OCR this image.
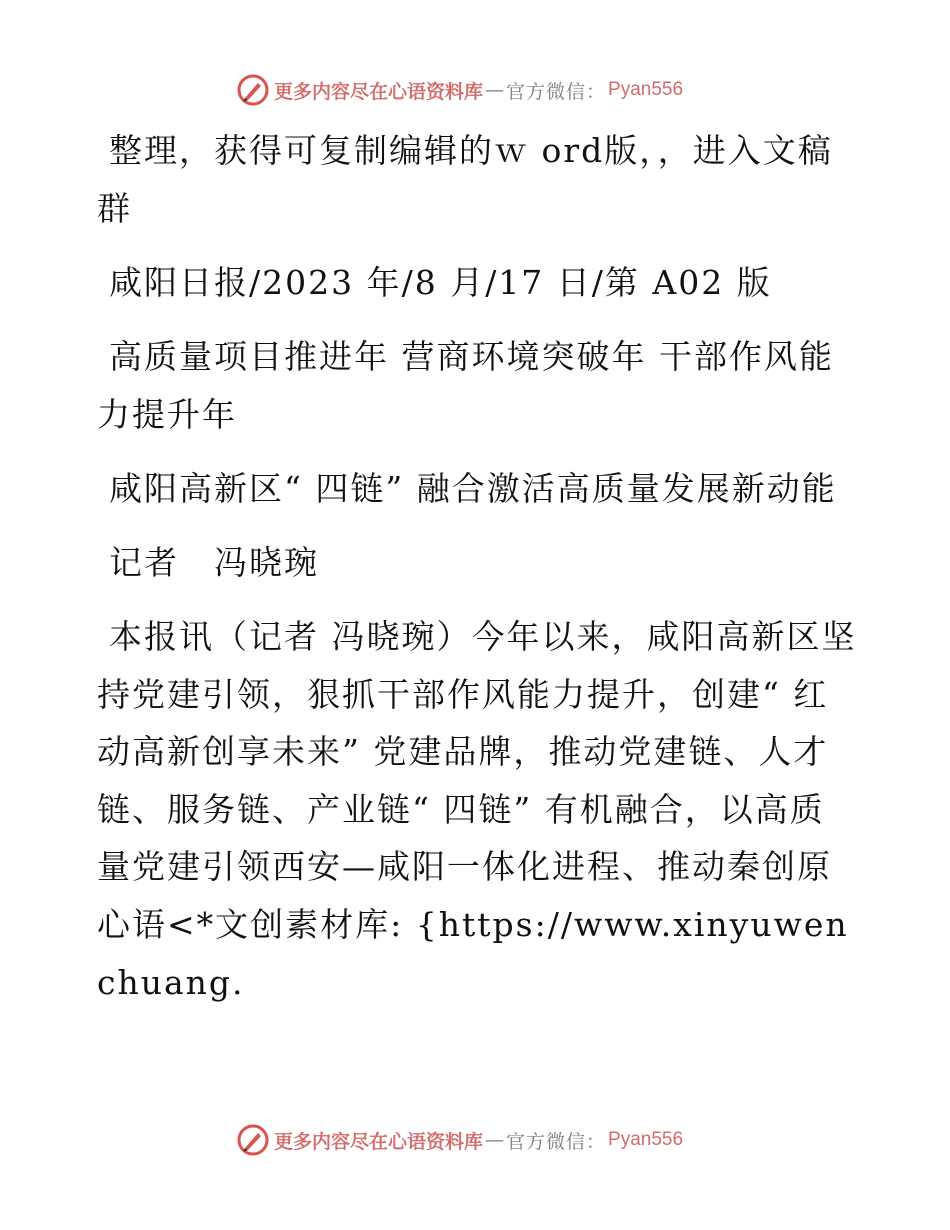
更多内容尽在心语资料库 — 官方微信： Pyan556

整理，获得可复制编辑的ｗ ord版，，进入文稿群

咸阳日报/2023 年/8 月/17 日/第 A02 版

高质量项目推进年 营商环境突破年 干部作风能力提升年

咸阳高新区“ 四链” 融合激活高质量发展新动能

记者　冯晓琬

本报讯（记者 冯晓琬）今年以来，咸阳高新区坚持党建引领，狠抓干部作风能力提升，创建“ 红动高新创享未来” 党建品牌，推动党建链、人才链、服务链、产业链“ 四链” 有机融合，以高质量党建引领西安—咸阳一体化进程、推动秦创原心语<*文创素材库: {https://www.xinyuwenchuang.

更多内容尽在心语资料库 — 官方微信： Pyan556
